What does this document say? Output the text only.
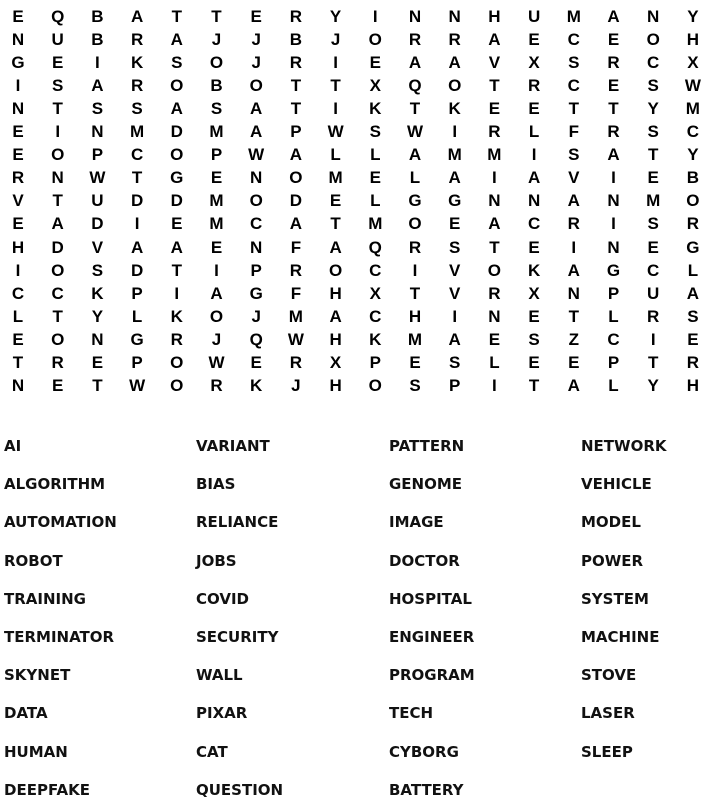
E	Q	B	A	T	T	E	R	Y	I	N	N	H	U	M	A	N	Y
N	U	B	R	A	J	J	B	J	O	R	R	A	E	C	E	O	H
G	E	I	K	S	O	J	R	I	E	A	A	V	X	S	R	C	X
I	S	A	R	O	B	O	T	T	X	Q	O	T	R	C	E	S	W
N	T	S	S	A	S	A	T	I	K	T	K	E	E	T	T	Y	M
E	I	N	M	D	M	A	P	W	S	W	I	R	L	F	R	S	C
E	O	P	C	O	P	W	A	L	L	A	M	M	I	S	A	T	Y
R	N	W	T	G	E	N	O	M	E	L	A	I	A	V	I	E	B
V	T	U	D	D	M	O	D	E	L	G	G	N	N	A	N	M	O
E	A	D	I	E	M	C	A	T	M	O	E	A	C	R	I	S	R
H	D	V	A	A	E	N	F	A	Q	R	S	T	E	I	N	E	G
I	O	S	D	T	I	P	R	O	C	I	V	O	K	A	G	C	L
C	C	K	P	I	A	G	F	H	X	T	V	R	X	N	P	U	A
L	T	Y	L	K	O	J	M	A	C	H	I	N	E	T	L	R	S
E	O	N	G	R	J	Q	W	H	K	M	A	E	S	Z	C	I	E
T	R	E	P	O	W	E	R	X	P	E	S	L	E	E	P	T	R
N	E	T	W	O	R	K	J	H	O	S	P	I	T	A	L	Y	H
AI	VARIANT	PATTERN	NETWORK
ALGORITHM	BIAS	GENOME	VEHICLE
AUTOMATION	RELIANCE	IMAGE	MODEL
ROBOT	JOBS	DOCTOR	POWER
TRAINING	COVID	HOSPITAL	SYSTEM
TERMINATOR	SECURITY	ENGINEER	MACHINE
SKYNET	WALL	PROGRAM	STOVE
DATA	PIXAR	TECH	LASER
HUMAN	CAT	CYBORG	SLEEP
DEEPFAKE	QUESTION	BATTERY
